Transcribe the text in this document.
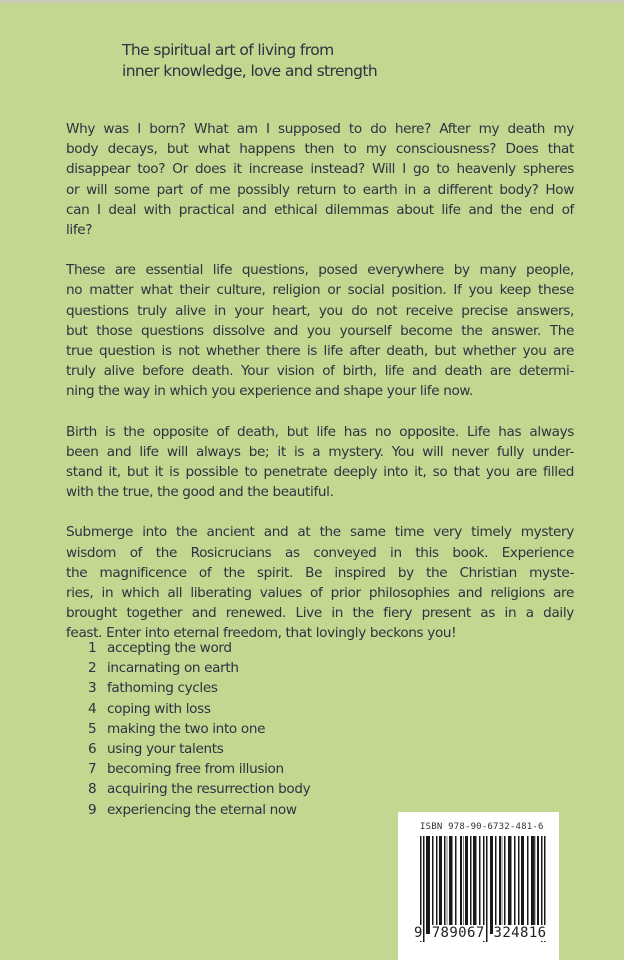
The spiritual art of living from
inner knowledge, love and strength

Why was I born? What am I supposed to do here? After my death my
body decays, but what happens then to my consciousness? Does that
disappear too? Or does it increase instead? Will I go to heavenly spheres
or will some part of me possibly return to earth in a different body? How
can I deal with practical and ethical dilemmas about life and the end of
life?

These are essential life questions, posed everywhere by many people,
no matter what their culture, religion or social position. If you keep these
questions truly alive in your heart, you do not receive precise answers,
but those questions dissolve and you yourself become the answer. The
true question is not whether there is life after death, but whether you are
truly alive before death. Your vision of birth, life and death are determi-
ning the way in which you experience and shape your life now.

Birth is the opposite of death, but life has no opposite. Life has always
been and life will always be; it is a mystery. You will never fully under-
stand it, but it is possible to penetrate deeply into it, so that you are filled
with the true, the good and the beautiful.

Submerge into the ancient and at the same time very timely mystery
wisdom of the Rosicrucians as conveyed in this book. Experience
the magnificence of the spirit. Be inspired by the Christian myste-
ries, in which all liberating values of prior philosophies and religions are
brought together and renewed. Live in the fiery present as in a daily
feast. Enter into eternal freedom, that lovingly beckons you!

1 accepting the word
2 incarnating on earth
3 fathoming cycles
4 coping with loss
5 making the two into one
6 using your talents
7 becoming free from illusion
8 acquiring the resurrection body
9 experiencing the eternal now
ISBN 978-90-6732-481-6
9 789067 324816
